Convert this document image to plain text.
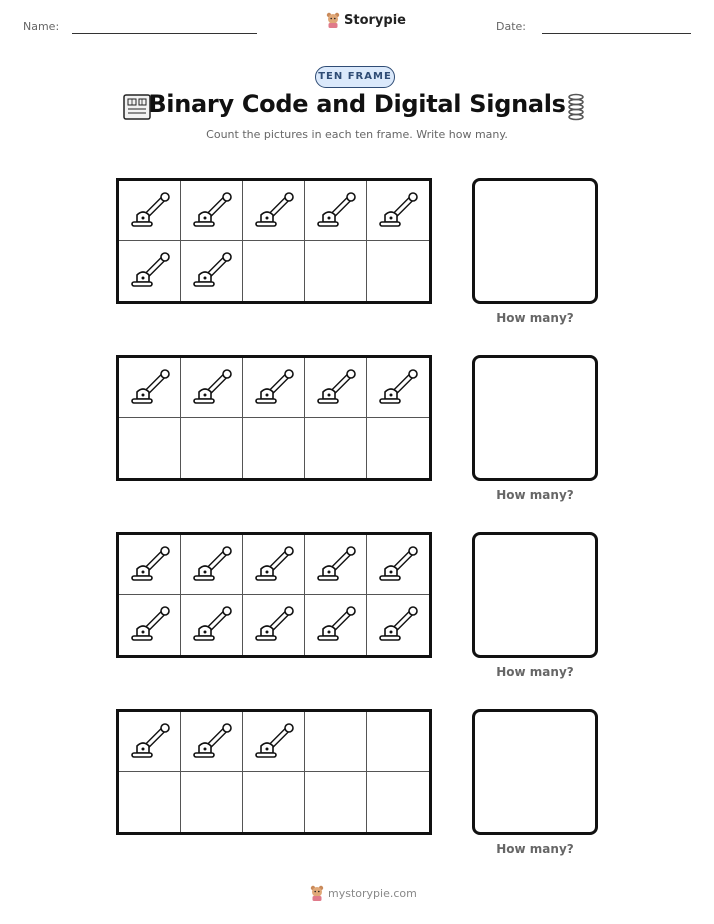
Name:	Storypie	Date:
TEN FRAME
Binary Code and Digital Signals
Count the pictures in each ten frame. Write how many.
How many?
How many?
How many?
How many?
mystorypie.com
